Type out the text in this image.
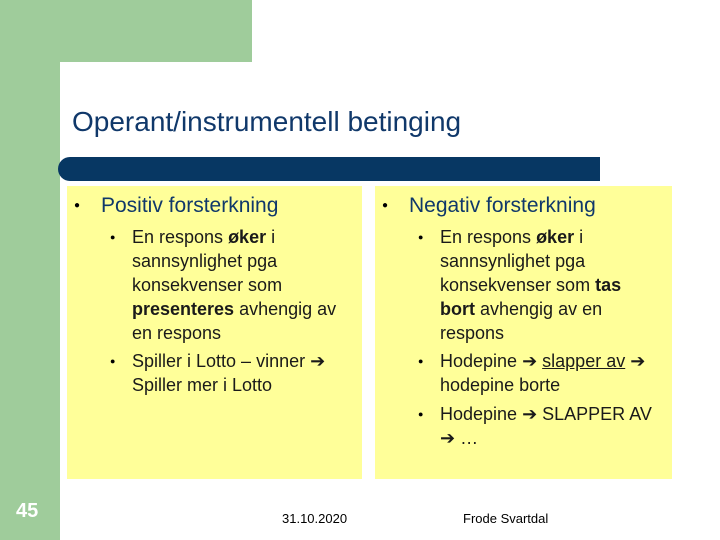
Operant/instrumentell betinging
● Positiv forsterkning
● En respons øker i sannsynlighet pga konsekvenser som presenteres avhengig av en respons
● Spiller i Lotto – vinner ➔ Spiller mer i Lotto
● Negativ forsterkning
● En respons øker i sannsynlighet pga konsekvenser som tas bort avhengig av en respons
● Hodepine ➔ slapper av ➔ hodepine borte
● Hodepine ➔ SLAPPER AV ➔ …
45	31.10.2020	Frode Svartdal
